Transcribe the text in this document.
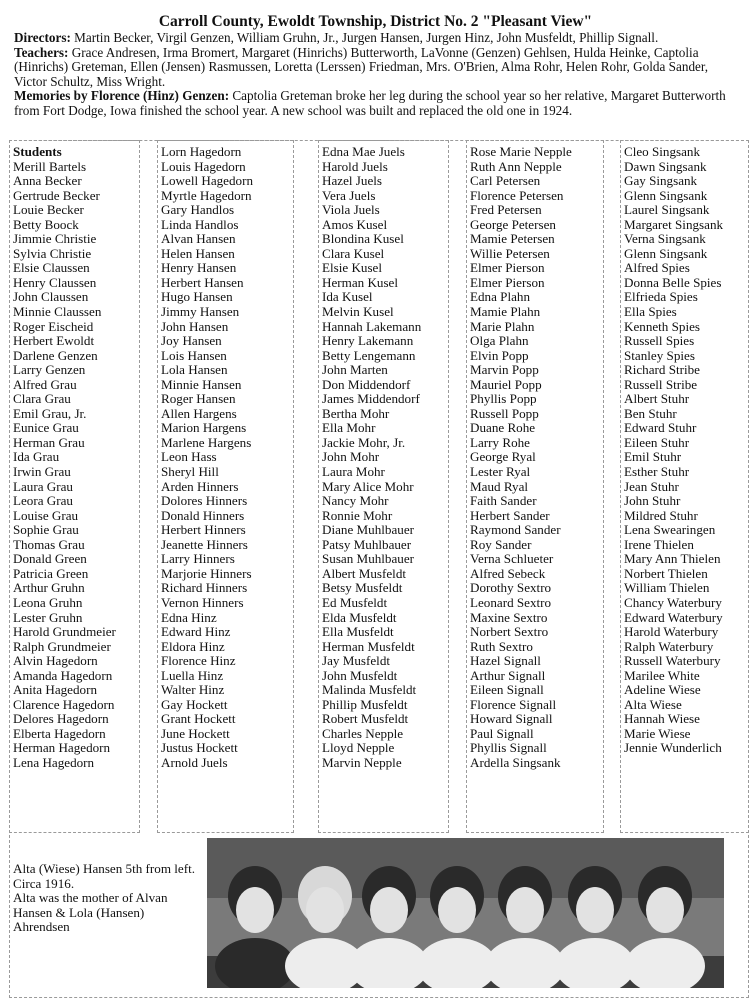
Carroll County, Ewoldt Township, District No. 2 "Pleasant View"

Directors: Martin Becker, Virgil Genzen, William Gruhn, Jr., Jurgen Hansen, Jurgen Hinz, John Musfeldt, Phillip Signall.

Teachers: Grace Andresen, Irma Bromert, Margaret (Hinrichs) Butterworth, LaVonne (Genzen) Gehlsen, Hulda Heinke, Captolia (Hinrichs) Greteman, Ellen (Jensen) Rasmussen, Loretta (Lerssen) Friedman, Mrs. O'Brien, Alma Rohr, Helen Rohr, Golda Sander, Victor Schultz, Miss Wright.

Memories by Florence (Hinz) Genzen: Captolia Greteman broke her leg during the school year so her relative, Margaret Butterworth from Fort Dodge, Iowa finished the school year. A new school was built and replaced the old one in 1924.

Students
Merill Bartels
Anna Becker
Gertrude Becker
Louie Becker
Betty Boock
Jimmie Christie
Sylvia Christie
Elsie Claussen
Henry Claussen
John Claussen
Minnie Claussen
Roger Eischeid
Herbert Ewoldt
Darlene Genzen
Larry Genzen
Alfred Grau
Clara Grau
Emil Grau, Jr.
Eunice Grau
Herman Grau
Ida Grau
Irwin Grau
Laura Grau
Leora Grau
Louise Grau
Sophie Grau
Thomas Grau
Donald Green
Patricia Green
Arthur Gruhn
Leona Gruhn
Lester Gruhn
Harold Grundmeier
Ralph Grundmeier
Alvin Hagedorn
Amanda Hagedorn
Anita Hagedorn
Clarence Hagedorn
Delores Hagedorn
Elberta Hagedorn
Herman Hagedorn
Lena Hagedorn
Lorn Hagedorn
Louis Hagedorn
Lowell Hagedorn
Myrtle Hagedorn
Gary Handlos
Linda Handlos
Alvan Hansen
Helen Hansen
Henry Hansen
Herbert Hansen
Hugo Hansen
Jimmy Hansen
John Hansen
Joy Hansen
Lois Hansen
Lola Hansen
Minnie Hansen
Roger Hansen
Allen Hargens
Marion Hargens
Marlene Hargens
Leon Hass
Sheryl Hill
Arden Hinners
Dolores Hinners
Donald Hinners
Herbert Hinners
Jeanette Hinners
Larry Hinners
Marjorie Hinners
Richard Hinners
Vernon Hinners
Edna Hinz
Edward Hinz
Eldora Hinz
Florence Hinz
Luella Hinz
Walter Hinz
Gay Hockett
Grant Hockett
June Hockett
Justus Hockett
Arnold Juels
Edna Mae Juels
Harold Juels
Hazel Juels
Vera Juels
Viola Juels
Amos Kusel
Blondina Kusel
Clara Kusel
Elsie Kusel
Herman Kusel
Ida Kusel
Melvin Kusel
Hannah Lakemann
Henry Lakemann
Betty Lengemann
John Marten
Don Middendorf
James Middendorf
Bertha Mohr
Ella Mohr
Jackie Mohr, Jr.
John Mohr
Laura Mohr
Mary Alice Mohr
Nancy Mohr
Ronnie Mohr
Diane Muhlbauer
Patsy Muhlbauer
Susan Muhlbauer
Albert Musfeldt
Betsy Musfeldt
Ed Musfeldt
Elda Musfeldt
Ella Musfeldt
Herman Musfeldt
Jay Musfeldt
John Musfeldt
Malinda Musfeldt
Phillip Musfeldt
Robert Musfeldt
Charles Nepple
Lloyd Nepple
Marvin Nepple
Rose Marie Nepple
Ruth Ann Nepple
Carl Petersen
Florence Petersen
Fred Petersen
George Petersen
Mamie Petersen
Willie Petersen
Elmer Pierson
Elmer Pierson
Edna Plahn
Mamie Plahn
Marie Plahn
Olga Plahn
Elvin Popp
Marvin Popp
Mauriel Popp
Phyllis Popp
Russell Popp
Duane Rohe
Larry Rohe
George Ryal
Lester Ryal
Maud Ryal
Faith Sander
Herbert Sander
Raymond Sander
Roy Sander
Verna Schlueter
Alfred Sebeck
Dorothy Sextro
Leonard Sextro
Maxine Sextro
Norbert Sextro
Ruth Sextro
Hazel Signall
Arthur Signall
Eileen Signall
Florence Signall
Howard Signall
Paul Signall
Phyllis Signall
Ardella Singsank
Cleo Singsank
Dawn Singsank
Gay Singsank
Glenn Singsank
Laurel Singsank
Margaret Singsank
Verna Singsank
Glenn Singsank
Alfred Spies
Donna Belle Spies
Elfrieda Spies
Ella Spies
Kenneth Spies
Russell Spies
Stanley Spies
Richard Stribe
Russell Stribe
Albert Stuhr
Ben Stuhr
Edward Stuhr
Eileen Stuhr
Emil Stuhr
Esther Stuhr
Jean Stuhr
John Stuhr
Mildred Stuhr
Lena Swearingen
Irene Thielen
Mary Ann Thielen
Norbert Thielen
William Thielen
Chancy Waterbury
Edward Waterbury
Harold Waterbury
Ralph Waterbury
Russell Waterbury
Marilee White
Adeline Wiese
Alta Wiese
Hannah Wiese
Marie Wiese
Jennie Wunderlich
Alta (Wiese) Hansen 5th from left. Circa 1916.
Alta was the mother of Alvan Hansen & Lola (Hansen) Ahrendsen
